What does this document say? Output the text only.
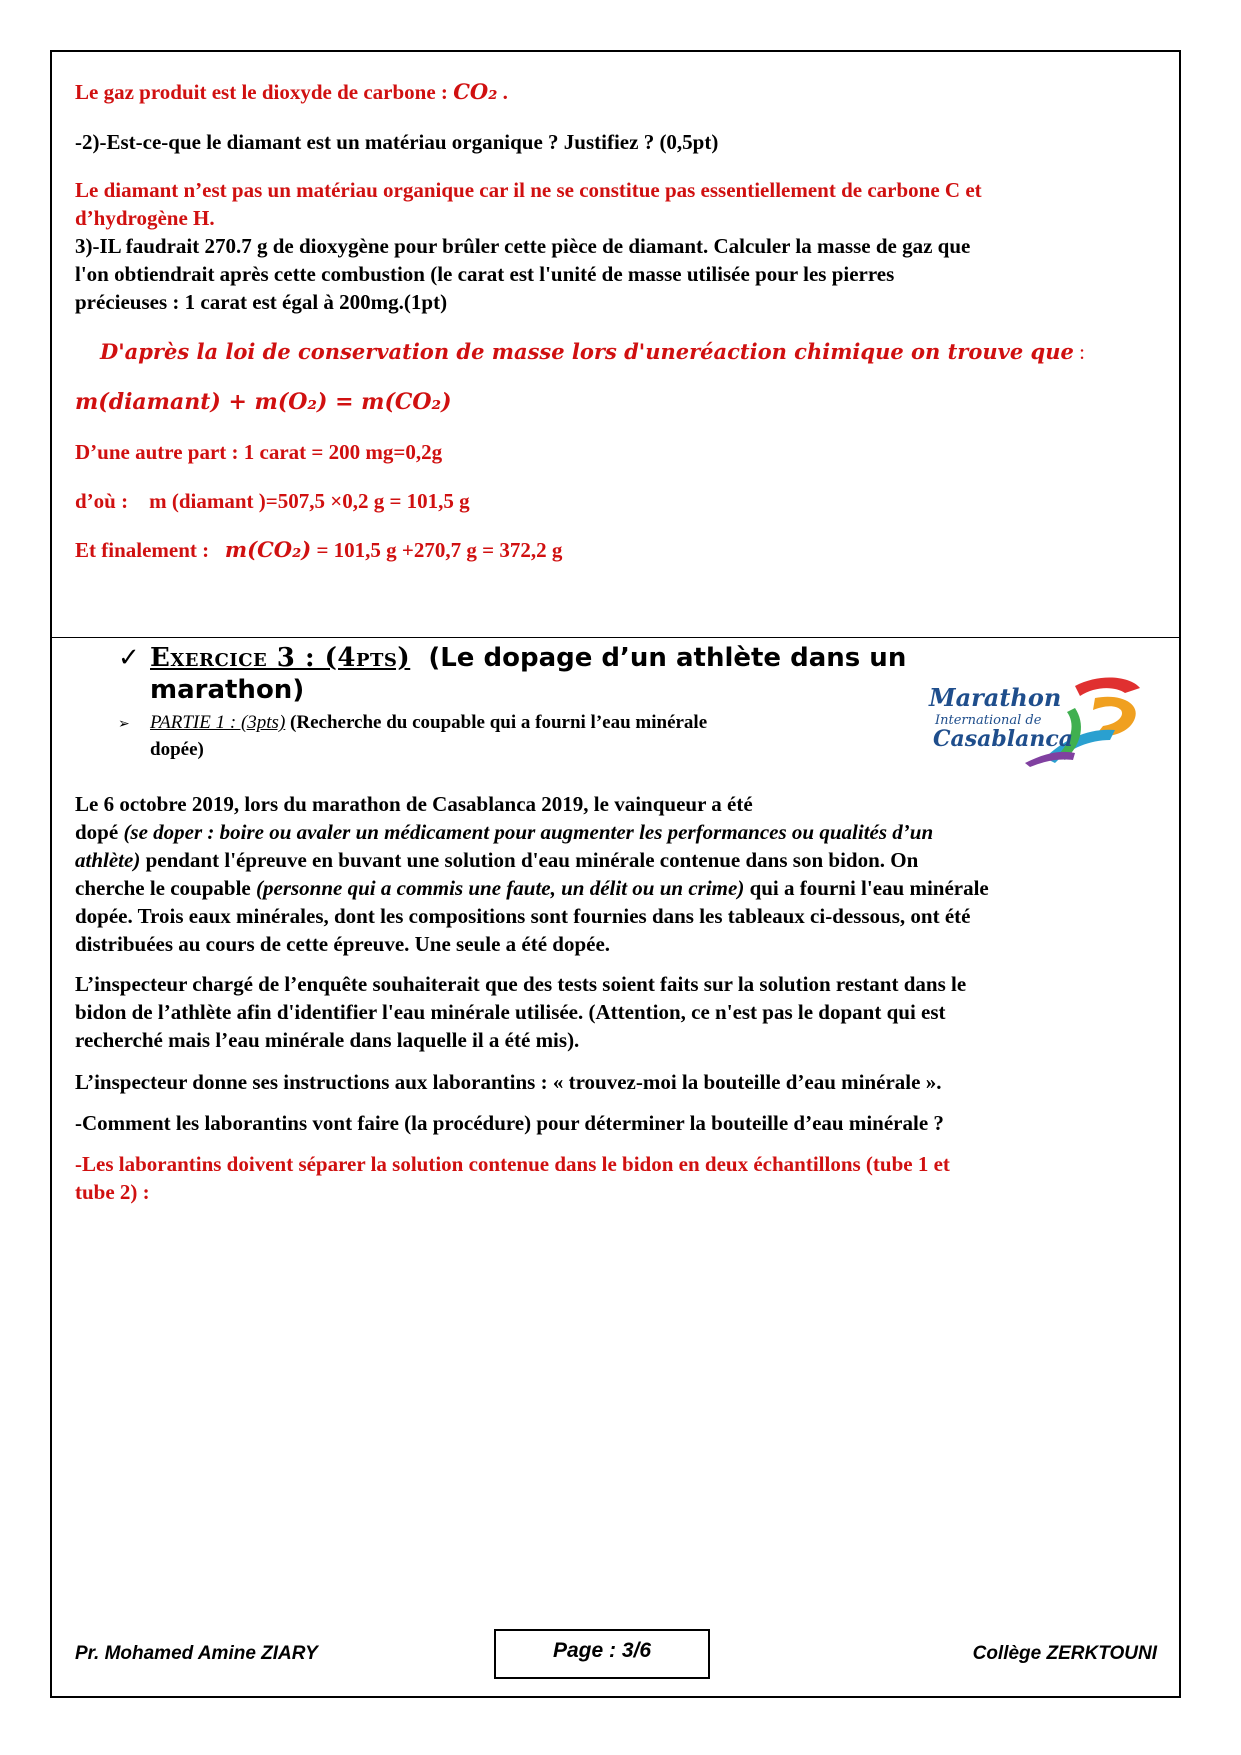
Le gaz produit est le dioxyde de carbone : CO₂ .

-2)-Est-ce-que le diamant est un matériau organique ? Justifiez ? (0,5pt)

Le diamant n’est pas un matériau organique car il ne se constitue pas essentiellement de carbone C et

d’hydrogène H.

3)-IL faudrait 270.7 g de dioxygène pour brûler cette pièce de diamant. Calculer la masse de gaz que

l'on obtiendrait après cette combustion (le carat est l'unité de masse utilisée pour les pierres

précieuses : 1 carat est égal à 200mg.(1pt)

D'après la loi de conservation de masse lors d'uneréaction chimique on trouve que :

m(diamant) + m(O₂) = m(CO₂)

D’une autre part : 1 carat = 200 mg=0,2g

d’où : m (diamant )=507,5 ×0,2 g = 101,5 g

Et finalement : m(CO₂) = 101,5 g +270,7 g = 372,2 g

✓ Exercice 3 : (4pts) (Le dopage d’un athlète dans un
marathon)
➢ PARTIE 1 : (3pts) (Recherche du coupable qui a fourni l’eau minérale
dopée)
Marathon
International de
Casablanca

Le 6 octobre 2019, lors du marathon de Casablanca 2019, le vainqueur a été

dopé (se doper : boire ou avaler un médicament pour augmenter les performances ou qualités d’un

athlète) pendant l'épreuve en buvant une solution d'eau minérale contenue dans son bidon. On

cherche le coupable (personne qui a commis une faute, un délit ou un crime) qui a fourni l'eau minérale

dopée. Trois eaux minérales, dont les compositions sont fournies dans les tableaux ci-dessous, ont été

distribuées au cours de cette épreuve. Une seule a été dopée.

L’inspecteur chargé de l’enquête souhaiterait que des tests soient faits sur la solution restant dans le

bidon de l’athlète afin d'identifier l'eau minérale utilisée. (Attention, ce n'est pas le dopant qui est

recherché mais l’eau minérale dans laquelle il a été mis).

L’inspecteur donne ses instructions aux laborantins : « trouvez-moi la bouteille d’eau minérale ».

-Comment les laborantins vont faire (la procédure) pour déterminer la bouteille d’eau minérale ?

-Les laborantins doivent séparer la solution contenue dans le bidon en deux échantillons (tube 1 et

tube 2) :

Pr. Mohamed Amine ZIARY	Page : 3/6	Collège ZERKTOUNI
